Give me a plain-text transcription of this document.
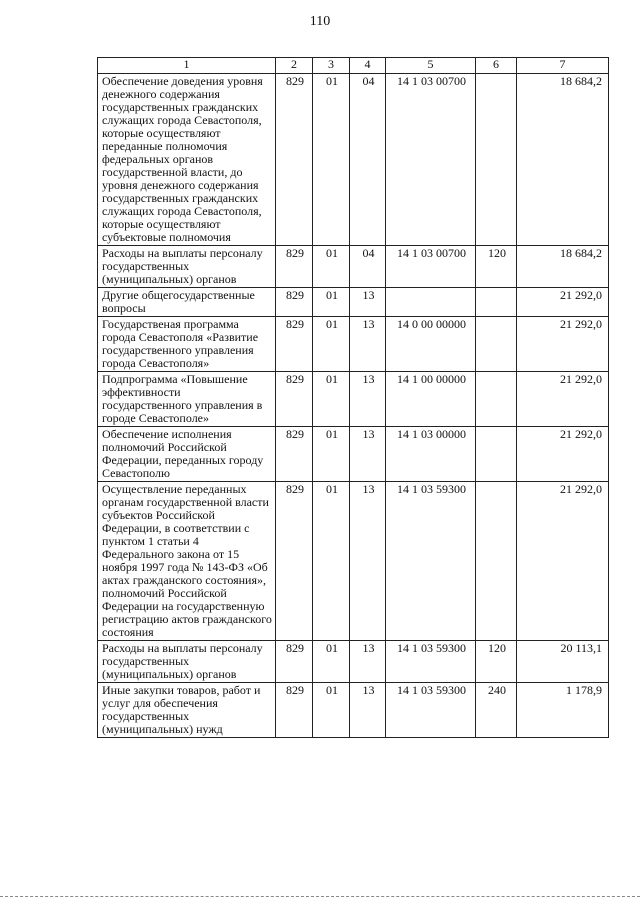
110
1	2	3	4	5	6	7
Обеспечение доведения уровня денежного содержания государственных гражданских служащих города Севастополя, которые осуществляют переданные полномочия федеральных органов государственной власти, до уровня денежного содержания государственных гражданских служащих города Севастополя, которые осуществляют субъектовые полномочия	829	01	04	14 1 03 00700		18 684,2
Расходы на выплаты персоналу государственных (муниципальных) органов	829	01	04	14 1 03 00700	120	18 684,2
Другие общегосударственные вопросы	829	01	13			21 292,0
Государственая программа города Севастополя «Развитие государственного управления города Севастополя»	829	01	13	14 0 00 00000		21 292,0
Подпрограмма «Повышение эффективности государственного управления в городе Севастополе»	829	01	13	14 1 00 00000		21 292,0
Обеспечение исполнения полномочий Российской Федерации, переданных городу Севастополю	829	01	13	14 1 03 00000		21 292,0
Осуществление переданных органам государственной власти субъектов Российской Федерации, в соответствии с пунктом 1 статьи 4 Федерального закона от 15 ноября 1997 года № 143-ФЗ «Об актах гражданского состояния», полномочий Российской Федерации на государственную регистрацию актов гражданского состояния	829	01	13	14 1 03 59300		21 292,0
Расходы на выплаты персоналу государственных (муниципальных) органов	829	01	13	14 1 03 59300	120	20 113,1
Иные закупки товаров, работ и услуг для обеспечения государственных (муниципальных) нужд	829	01	13	14 1 03 59300	240	1 178,9
